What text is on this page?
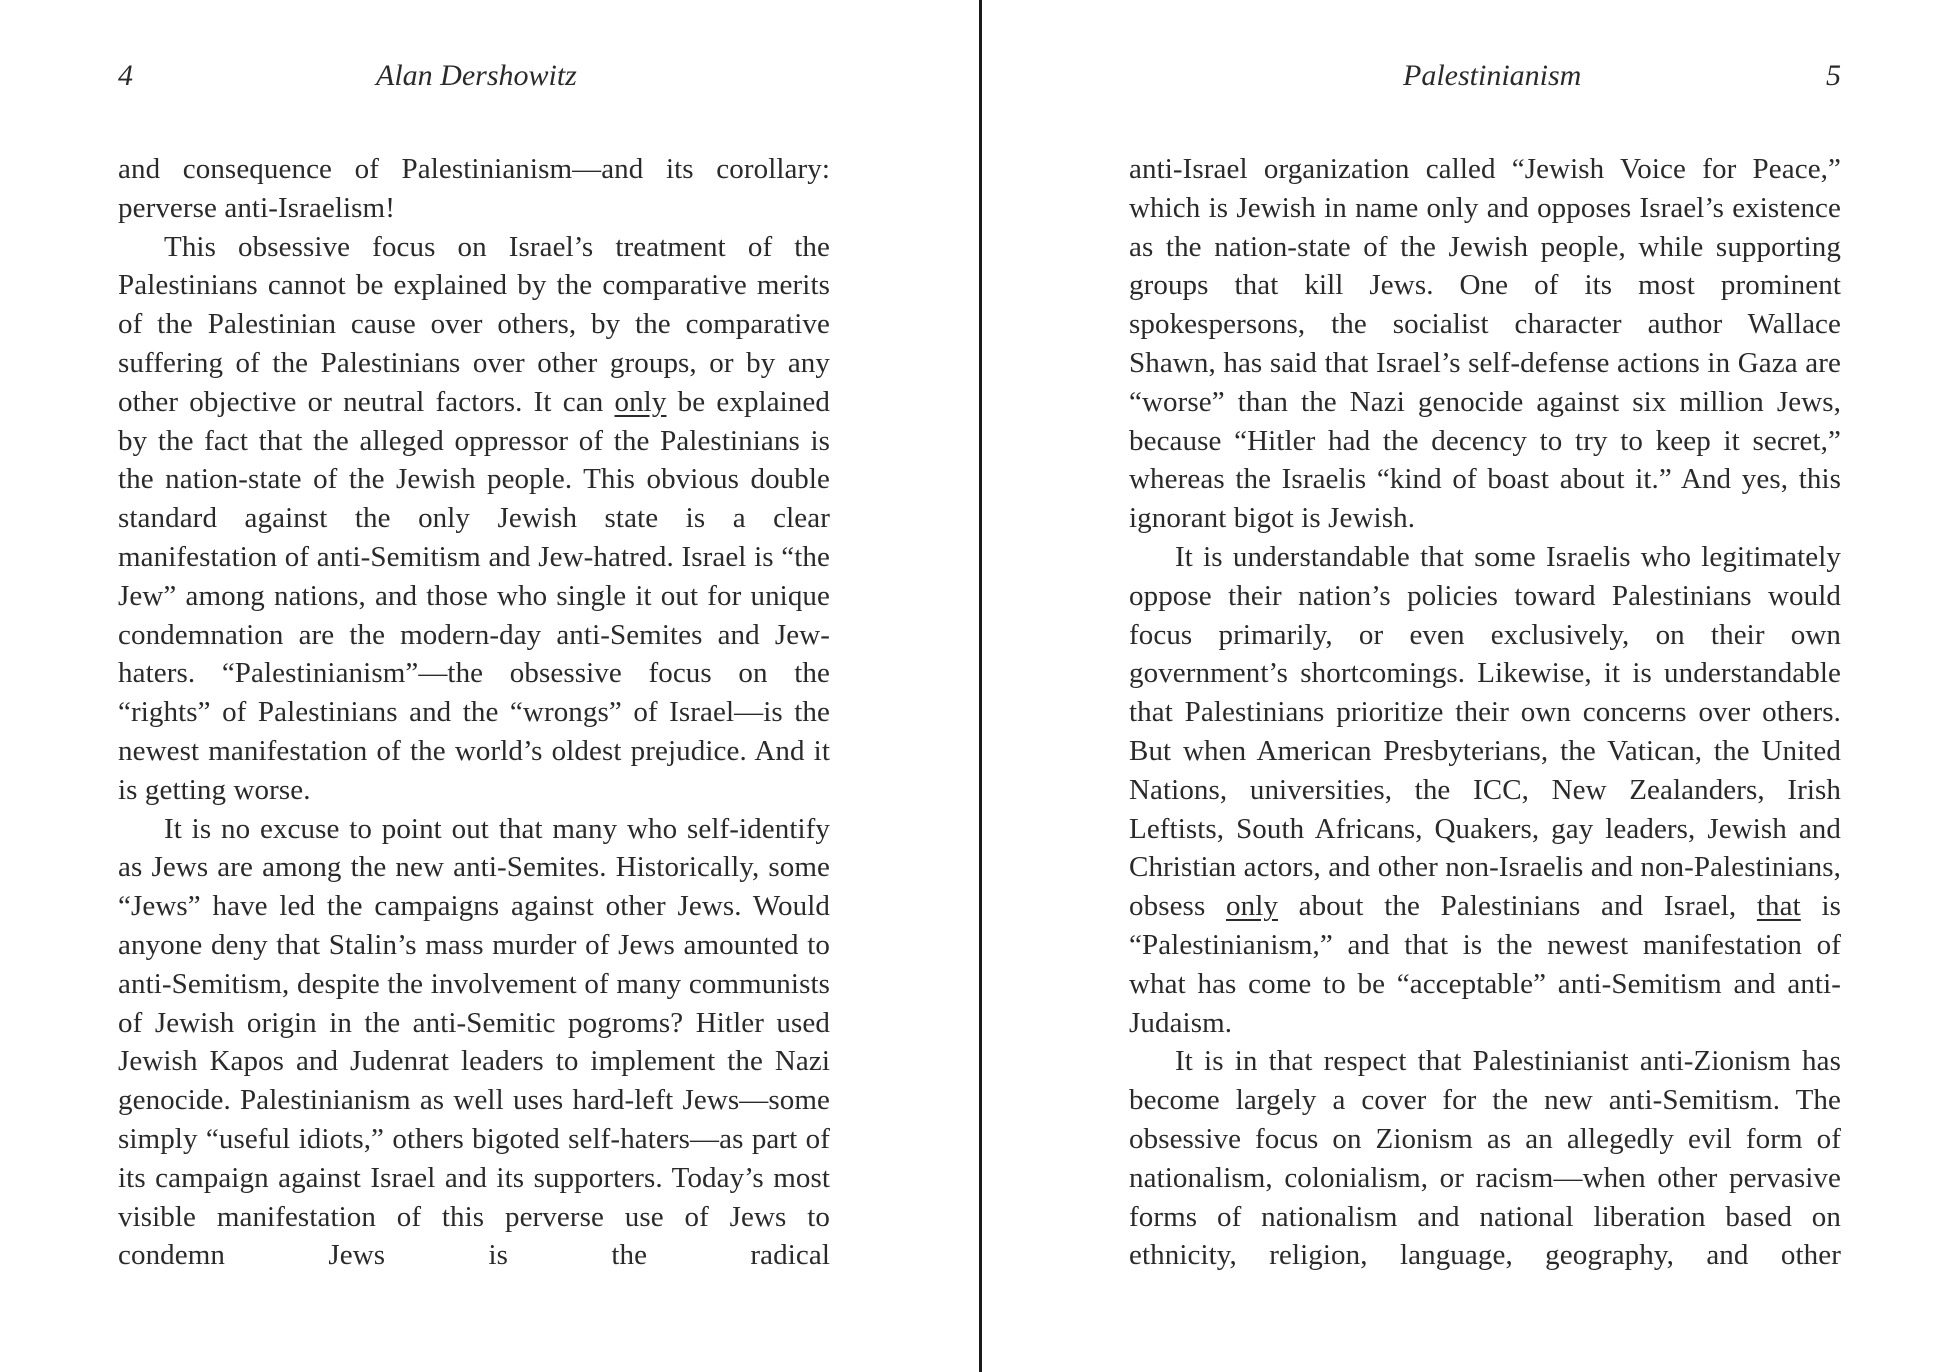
4	Alan Dershowitz

and consequence of Palestinianism—and its corollary: perverse anti-Israelism!

This obsessive focus on Israel’s treatment of the Palestinians cannot be explained by the comparative merits of the Palestinian cause over others, by the comparative suffering of the Palestinians over other groups, or by any other objective or neutral factors. It can only be explained by the fact that the alleged oppressor of the Palestinians is the nation-state of the Jewish people. This obvious double standard against the only Jewish state is a clear manifestation of anti-Semitism and Jew-hatred. Israel is “the Jew” among nations, and those who single it out for unique condemnation are the modern-day anti-Semites and Jew-haters. “Palestinianism”—the obsessive focus on the “rights” of Palestinians and the “wrongs” of Israel—is the newest manifestation of the world’s oldest prejudice. And it is getting worse.

It is no excuse to point out that many who self-identify as Jews are among the new anti-Semites. Historically, some “Jews” have led the campaigns against other Jews. Would anyone deny that Stalin’s mass murder of Jews amounted to anti-Semitism, despite the involvement of many communists of Jewish origin in the anti-Semitic pogroms? Hitler used Jewish Kapos and Judenrat leaders to implement the Nazi genocide. Palestinianism as well uses hard-left Jews—some simply “useful idiots,” others bigoted self-haters—as part of its campaign against Israel and its supporters. Today’s most visible manifestation of this perverse use of Jews to condemn Jews is the radical

Palestinianism	5

anti-Israel organization called “Jewish Voice for Peace,” which is Jewish in name only and opposes Israel’s existence as the nation-state of the Jewish people, while supporting groups that kill Jews. One of its most prominent spokespersons, the socialist character author Wallace Shawn, has said that Israel’s self-defense actions in Gaza are “worse” than the Nazi genocide against six million Jews, because “Hitler had the decency to try to keep it secret,” whereas the Israelis “kind of boast about it.” And yes, this ignorant bigot is Jewish.

It is understandable that some Israelis who legitimately oppose their nation’s policies toward Palestinians would focus primarily, or even exclusively, on their own government’s shortcomings. Likewise, it is understandable that Palestinians prioritize their own concerns over others. But when American Presbyterians, the Vatican, the United Nations, universities, the ICC, New Zealanders, Irish Leftists, South Africans, Quakers, gay leaders, Jewish and Christian actors, and other non-Israelis and non-Palestinians, obsess only about the Palestinians and Israel, that is “Palestinianism,” and that is the newest manifestation of what has come to be “acceptable” anti-Semitism and anti-Judaism.

It is in that respect that Palestinianist anti-Zionism has become largely a cover for the new anti-Semitism. The obsessive focus on Zionism as an allegedly evil form of nationalism, colonialism, or racism—when other pervasive forms of nationalism and national liberation based on ethnicity, religion, language, geography, and other
